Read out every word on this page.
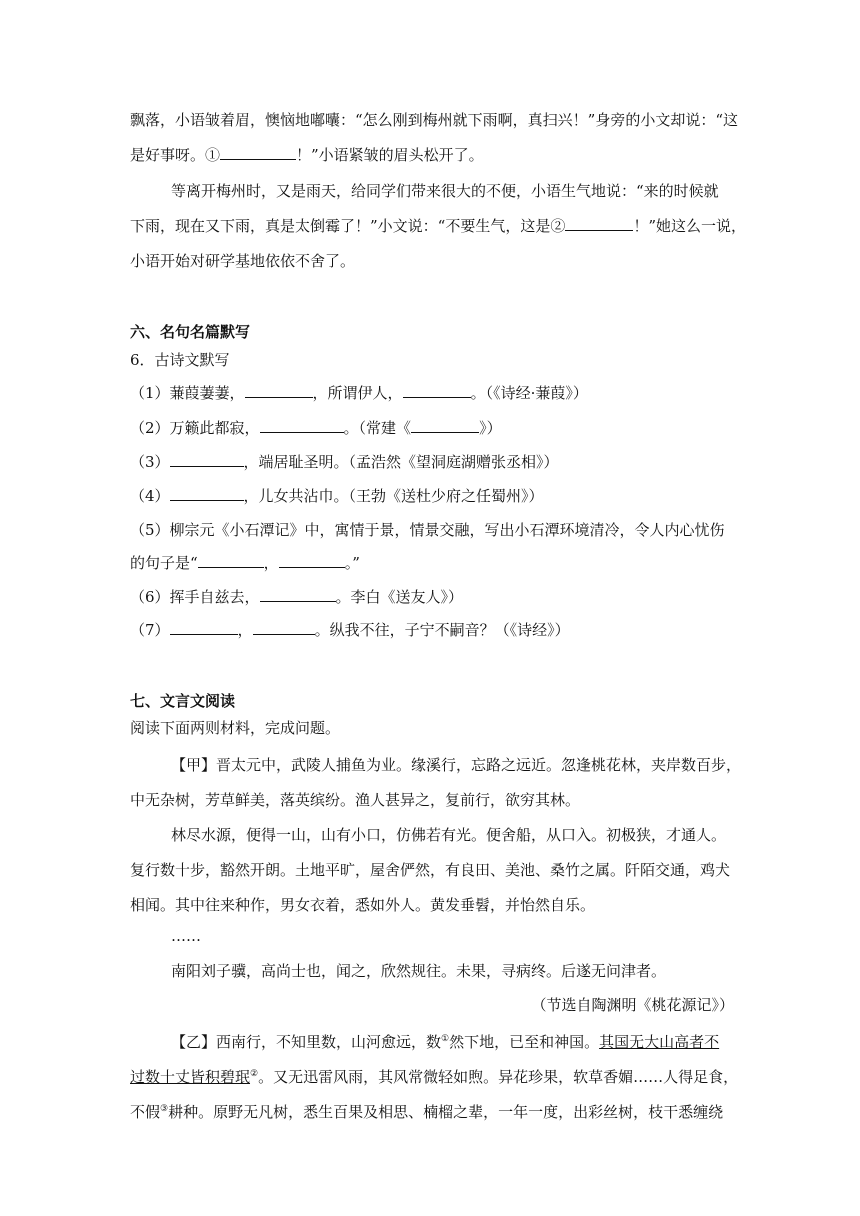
飘落，小语皱着眉，懊恼地嘟囔：“怎么刚到梅州就下雨啊，真扫兴！”身旁的小文却说：“这
是好事呀。①	！”小语紧皱的眉头松开了。
等离开梅州时，又是雨天，给同学们带来很大的不便，小语生气地说：“来的时候就
下雨，现在又下雨，真是太倒霉了！”小文说：“不要生气，这是②	！”她这么一说，
小语开始对研学基地依依不舍了。
六、名句名篇默写
6．古诗文默写
（1）蒹葭萋萋，	，所谓伊人，	。（《诗经·蒹葭》）
（2）万籁此都寂，	。（常建《	》）
（3）	，端居耻圣明。（孟浩然《望洞庭湖赠张丞相》）
（4）	，儿女共沾巾。（王勃《送杜少府之任蜀州》）
（5）柳宗元《小石潭记》中，寓情于景，情景交融，写出小石潭环境清冷，令人内心忧伤
的句子是“	，	。”
（6）挥手自兹去，	。李白《送友人》）
（7）	，	。纵我不往，子宁不嗣音？（《诗经》）
七、文言文阅读
阅读下面两则材料，完成问题。
【甲】晋太元中，武陵人捕鱼为业。缘溪行，忘路之远近。忽逢桃花林，夹岸数百步，
中无杂树，芳草鲜美，落英缤纷。渔人甚异之，复前行，欲穷其林。
林尽水源，便得一山，山有小口，仿佛若有光。便舍船，从口入。初极狭，才通人。
复行数十步，豁然开朗。土地平旷，屋舍俨然，有良田、美池、桑竹之属。阡陌交通，鸡犬
相闻。其中往来种作，男女衣着，悉如外人。黄发垂髫，并怡然自乐。
……
南阳刘子骥，高尚士也，闻之，欣然规往。未果，寻病终。后遂无问津者。
（节选自陶渊明《桃花源记》）
【乙】西南行，不知里数，山河愈远，数①然下地，已至和神国。其国无大山高者不
过数十丈皆积碧珉②。又无迅雷风雨，其风常微轻如煦。异花珍果，软草香媚……人得足食，
不假③耕种。原野无凡树，悉生百果及相思、楠榴之辈，一年一度，出彩丝树，枝干悉缠绕
